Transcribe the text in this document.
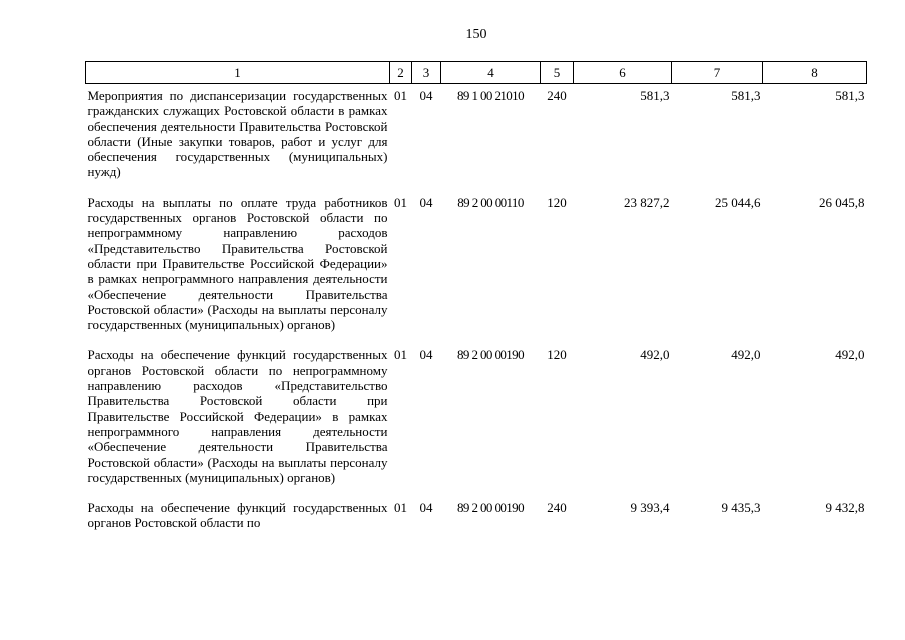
150
1	2	3	4	5	6	7	8
Мероприятия по диспансеризации государственных гражданских служащих Ростовской области в рамках обеспечения деятельности Правительства Ростовской области (Иные закупки товаров, работ и услуг для обеспечения государственных (муниципальных) нужд)	01	04	89 1 00 21010	240	581,3	581,3	581,3
Расходы на выплаты по оплате труда работников государственных органов Ростовской области по непрограммному направлению расходов «Представительство Правительства Ростовской области при Правительстве Российской Федерации» в рамках непрограммного направления деятельности «Обеспечение деятельности Правительства Ростовской области» (Расходы на выплаты персоналу государственных (муниципальных) органов)	01	04	89 2 00 00110	120	23 827,2	25 044,6	26 045,8
Расходы на обеспечение функций государственных органов Ростовской области по непрограммному направлению расходов «Представительство Правительства Ростовской области при Правительстве Российской Федерации» в рамках непрограммного направления деятельности «Обеспечение деятельности Правительства Ростовской области» (Расходы на выплаты персоналу государственных (муниципальных) органов)	01	04	89 2 00 00190	120	492,0	492,0	492,0
Расходы на обеспечение функций государственных органов Ростовской области по	01	04	89 2 00 00190	240	9 393,4	9 435,3	9 432,8
